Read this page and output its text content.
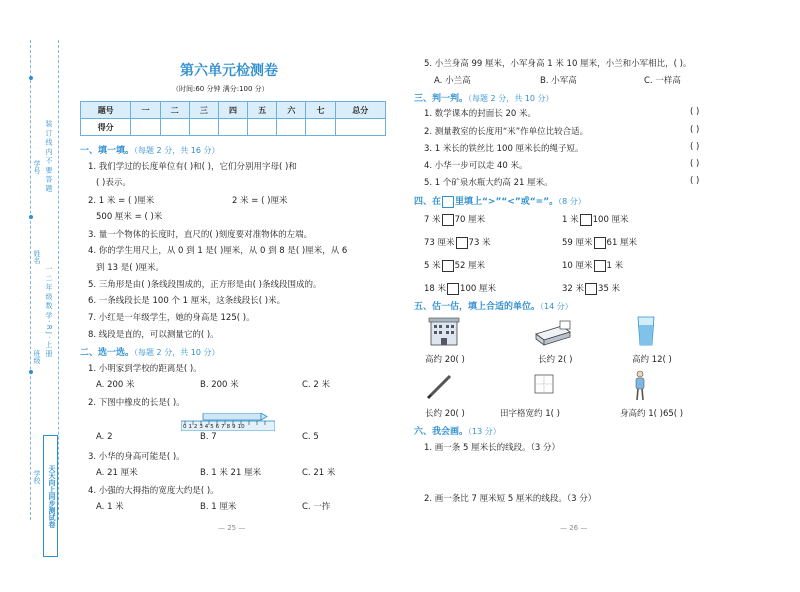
学号
姓名
班级
学校
装 订 线 内 不 要 答 题
一 二 年 级 数 学 · R J · 上 册
天天向上同步测试卷
第六单元检测卷
（时间:60 分钟 满分:100 分）
题号	一	二	三	四	五	六	七	总分
得分								
一、填一填。（每题 2 分，共 16 分）
1. 我们学过的长度单位有( )和( )，它们分别用字母( )和
( )表示。
2. 1 米 = ( )厘米	2 米 = ( )厘米
500 厘米 = ( )米
3. 量一个物体的长度时，直尺的( )刻度要对准物体的左端。
4. 你的学生用尺上，从 0 到 1 是( )厘米，从 0 到 8 是( )厘米，从 6
到 13 是( )厘米。
5. 三角形是由( )条线段围成的，正方形是由( )条线段围成的。
6. 一条线段长是 100 个 1 厘米，这条线段长( )米。
7. 小红是一年级学生，她的身高是 125( )。
8. 线段是直的，可以测量它的( )。
二、选一选。（每题 2 分，共 10 分）
1. 小明家到学校的距离是( )。
A. 200 米	B. 200 米	C. 2 米
2. 下图中橡皮的长是( )。
0 1 2 3 4 5 6 7 8 9 10
A. 2	B. 7	C. 5
3. 小华的身高可能是( )。
A. 21 厘米	B. 1 米 21 厘米	C. 21 米
4. 小强的大拇指的宽度大约是( )。
A. 1 米	B. 1 厘米	C. 一拃
— 25 —
5. 小兰身高 99 厘米，小军身高 1 米 10 厘米，小兰和小军相比，( )。
A. 小兰高	B. 小军高	C. 一样高
三、判一判。（每题 2 分，共 10 分）
1. 数学课本的封面长 20 米。	( )
2. 测量教室的长度用“米”作单位比较合适。	( )
3. 1 米长的铁丝比 100 厘米长的绳子短。	( )
4. 小华一步可以走 40 米。	( )
5. 1 个矿泉水瓶大约高 21 厘米。	( )
四、在 里填上“>”“<”或“=”。（8 分）
7 米 70 厘米	1 米 100 厘米
73 厘米 73 米	59 厘米 61 厘米
5 米 52 厘米	10 厘米 1 米
18 米 100 厘米	32 米 35 米
五、估一估，填上合适的单位。（14 分）
高约 20( )	长约 2( )	高约 12( )
长约 20( )	田字格宽约 1( )	身高约 1( )65( )
六、我会画。（13 分）
1. 画一条 5 厘米长的线段。（3 分）
2. 画一条比 7 厘米短 5 厘米的线段。（3 分）
— 26 —
